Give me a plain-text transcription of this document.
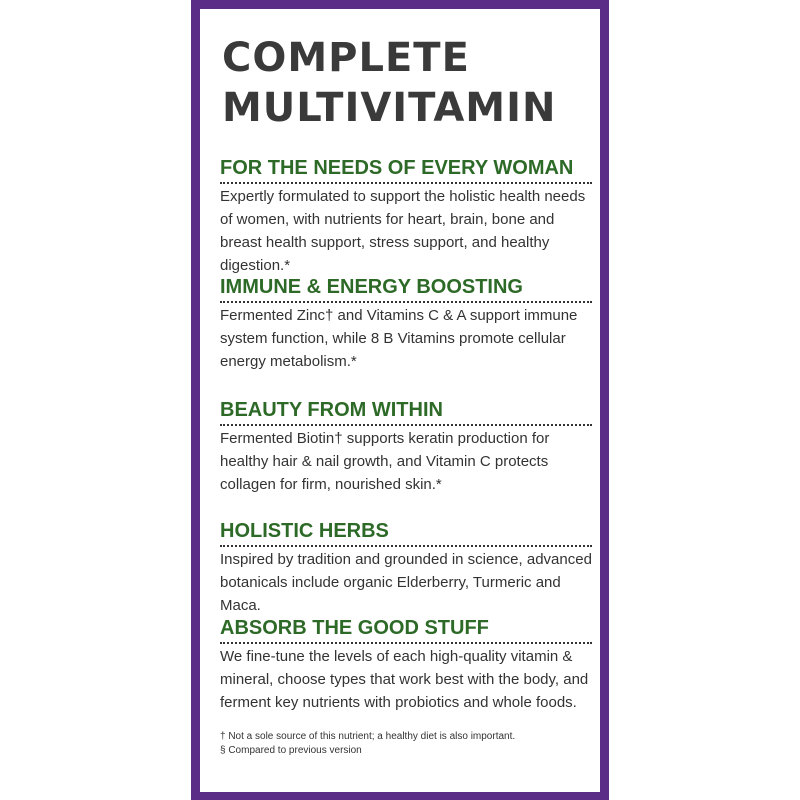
COMPLETE
MULTIVITAMIN
FOR THE NEEDS OF EVERY WOMAN
Expertly formulated to support the holistic health needs of women, with nutrients for heart, brain, bone and breast health support, stress support, and healthy digestion.*
IMMUNE & ENERGY BOOSTING
Fermented Zinc† and Vitamins C & A support immune system function, while 8 B Vitamins promote cellular energy metabolism.*
BEAUTY FROM WITHIN
Fermented Biotin† supports keratin production for healthy hair & nail growth, and Vitamin C protects collagen for firm, nourished skin.*
HOLISTIC HERBS
Inspired by tradition and grounded in science, advanced botanicals include organic Elderberry, Turmeric and Maca.
ABSORB THE GOOD STUFF
We fine-tune the levels of each high-quality vitamin & mineral, choose types that work best with the body, and ferment key nutrients with probiotics and whole foods.
† Not a sole source of this nutrient; a healthy diet is also important.
§ Compared to previous version
